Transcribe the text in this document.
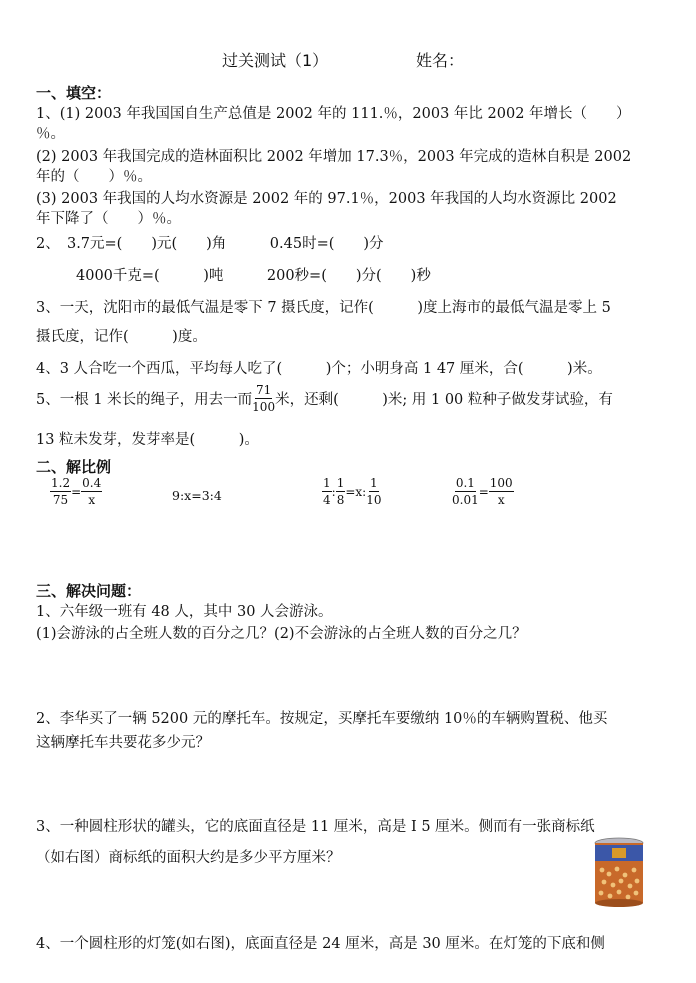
过关测试（1）	姓名：
一、填空：
1、(1) 2003 年我国国自生产总值是 2002 年的 111.％，2003 年比 2002 年增长（　　）
％。
(2) 2003 年我国完成的造林面积比 2002 年增加 17.3％，2003 年完成的造林自积是 2002
年的（　　）％。
(3) 2003 年我国的人均水资源是 2002 年的 97.1％，2003 年我国的人均水资源比 2002
年下降了（　　）％。
2、　3.7元=(　　)元(　　)角　　　0.45时=(　　)分
4000千克=(　　　)吨　　　200秒=(　　)分(　　)秒
3、一天，沈阳市的最低气温是零下 7 摄氏度，记作(　　　)度上海市的最低气温是零上 5
摄氏度，记作(　　　)度。
4、3 人合吃一个西瓜，平均每人吃了(　　　)个；小明身高 1 47 厘米，合(　　　)米。
5、一根 1 米长的绳子，用去一而 $\frac{71}{100}$ 米，还剩(　　　)米; 用 1 00 粒种子做发芽试验，有
13 粒未发芽，发芽率是(　　　)。
二、解比例
$\frac{1.2}{75} = \frac{0.4}{x}$	9:x=3:4	$\frac{1}{4}$ : $\frac{1}{8} =x$: $\frac{1}{10}$	$\frac{0.1}{0.01} = \frac{100}{x}$
三、解决问题：
1、六年级一班有 48 人，其中 30 人会游泳。
(1)会游泳的占全班人数的百分之几？(2)不会游泳的占全班人数的百分之几？
2、李华买了一辆 5200 元的摩托车。按规定，买摩托车要缴纳 10％的车辆购置税、他买
这辆摩托车共要花多少元？
3、一种圆柱形状的罐头，它的底面直径是 11 厘米，高是 I 5 厘米。侧而有一张商标纸
（如右图）商标纸的面积大约是多少平方厘米？
4、一个圆柱形的灯笼(如右图)，底面直径是 24 厘米，高是 30 厘米。在灯笼的下底和侧
